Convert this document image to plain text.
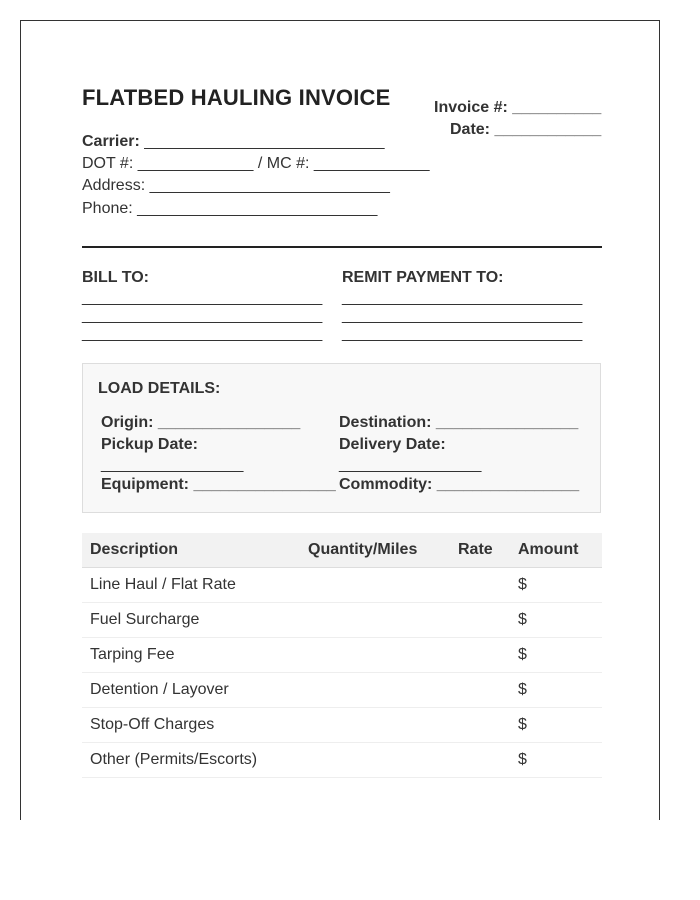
FLATBED HAULING INVOICE	Invoice #: __________
Date: ____________
Carrier: ___________________________
DOT #: _____________ / MC #: _____________
Address: ___________________________
Phone: ___________________________
BILL TO:
___________________________
___________________________
___________________________
REMIT PAYMENT TO:
___________________________
___________________________
___________________________
LOAD DETAILS:
Origin: ________________ Destination: ________________
Pickup Date:
________________
Delivery Date:
________________
Equipment: ________________ Commodity: ________________
Description	Quantity/Miles	Rate	Amount
Line Haul / Flat Rate			$
Fuel Surcharge			$
Tarping Fee			$
Detention / Layover			$
Stop-Off Charges			$
Other (Permits/Escorts)			$
